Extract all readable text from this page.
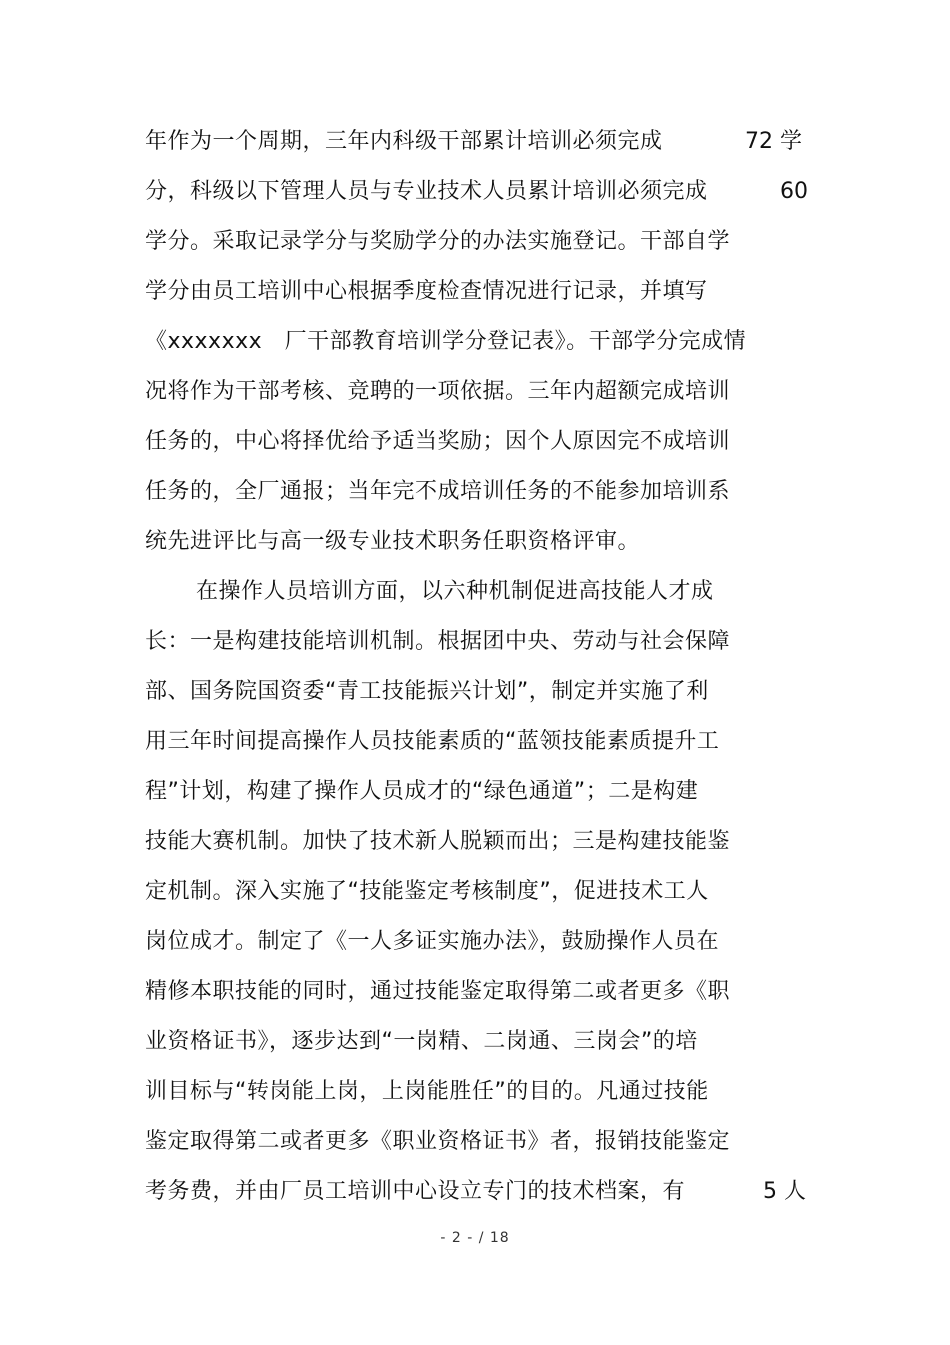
年作为一个周期，三年内科级干部累计培训必须完成	72 学
分，科级以下管理人员与专业技术人员累计培训必须完成	60
学分。采取记录学分与奖励学分的办法实施登记。干部自学
学分由员工培训中心根据季度检查情况进行记录，并填写
《xxxxxxx　厂干部教育培训学分登记表》。干部学分完成情
况将作为干部考核、竞聘的一项依据。三年内超额完成培训
任务的，中心将择优给予适当奖励；因个人原因完不成培训
任务的，全厂通报；当年完不成培训任务的不能参加培训系
统先进评比与高一级专业技术职务任职资格评审。
在操作人员培训方面，以六种机制促进高技能人才成
长：一是构建技能培训机制。根据团中央、劳动与社会保障
部、国务院国资委“青工技能振兴计划”，制定并实施了利
用三年时间提高操作人员技能素质的“蓝领技能素质提升工
程”计划，构建了操作人员成才的“绿色通道”；二是构建
技能大赛机制。加快了技术新人脱颖而出；三是构建技能鉴
定机制。深入实施了“技能鉴定考核制度”，促进技术工人
岗位成才。制定了《一人多证实施办法》，鼓励操作人员在
精修本职技能的同时，通过技能鉴定取得第二或者更多《职
业资格证书》，逐步达到“一岗精、二岗通、三岗会”的培
训目标与“转岗能上岗，上岗能胜任”的目的。凡通过技能
鉴定取得第二或者更多《职业资格证书》者，报销技能鉴定
考务费，并由厂员工培训中心设立专门的技术档案，有	5 人
- 2 - / 18
